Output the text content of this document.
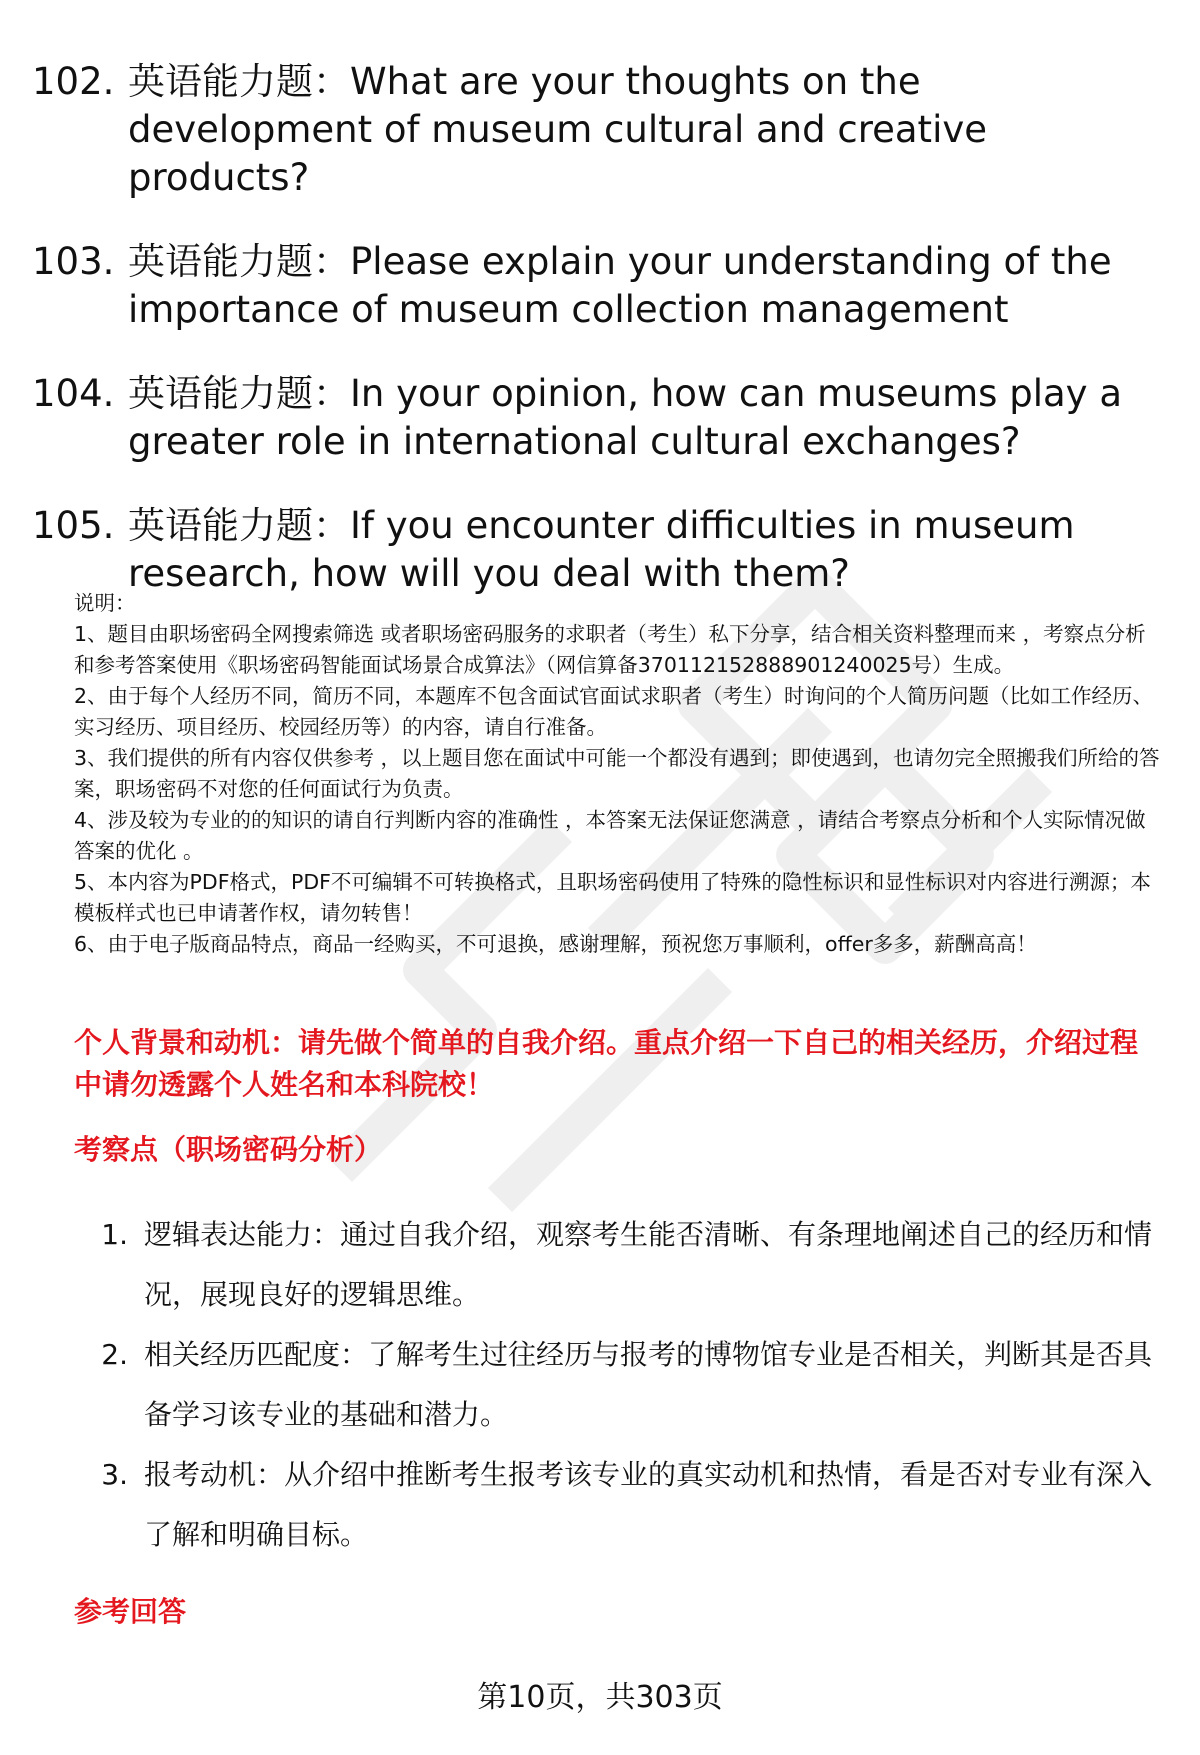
102. 英语能力题：What are your thoughts on the development of museum cultural and creative products?
103. 英语能力题：Please explain your understanding of the importance of museum collection management
104. 英语能力题：In your opinion, how can museums play a greater role in international cultural exchanges?
105. 英语能力题：If you encounter difficulties in museum research, how will you deal with them?

说明：

1、题目由职场密码全网搜索筛选 或者职场密码服务的求职者（考生）私下分享，结合相关资料整理而来 ，考察点分析和参考答案使用《职场密码智能面试场景合成算法》（网信算备370112152888901240025号）生成。

2、由于每个人经历不同，简历不同，本题库不包含面试官面试求职者（考生）时询问的个人简历问题（比如工作经历、实习经历、项目经历、校园经历等）的内容，请自行准备。

3、我们提供的所有内容仅供参考 ，以上题目您在面试中可能一个都没有遇到；即使遇到，也请勿完全照搬我们所给的答案，职场密码不对您的任何面试行为负责。

4、涉及较为专业的的知识的请自行判断内容的准确性 ，本答案无法保证您满意 ，请结合考察点分析和个人实际情况做答案的优化 。

5、本内容为PDF格式，PDF不可编辑不可转换格式，且职场密码使用了特殊的隐性标识和显性标识对内容进行溯源；本模板样式也已申请著作权，请勿转售！

6、由于电子版商品特点，商品一经购买，不可退换，感谢理解，预祝您万事顺利，offer多多，薪酬高高！

个人背景和动机：请先做个简单的自我介绍。重点介绍一下自己的相关经历，介绍过程中请勿透露个人姓名和本科院校！
考察点（职场密码分析）
1. 逻辑表达能力：通过自我介绍，观察考生能否清晰、有条理地阐述自己的经历和情况，展现良好的逻辑思维。
2. 相关经历匹配度：了解考生过往经历与报考的博物馆专业是否相关，判断其是否具备学习该专业的基础和潜力。
3. 报考动机：从介绍中推断考生报考该专业的真实动机和热情，看是否对专业有深入了解和明确目标。
参考回答
第10页，共303页
